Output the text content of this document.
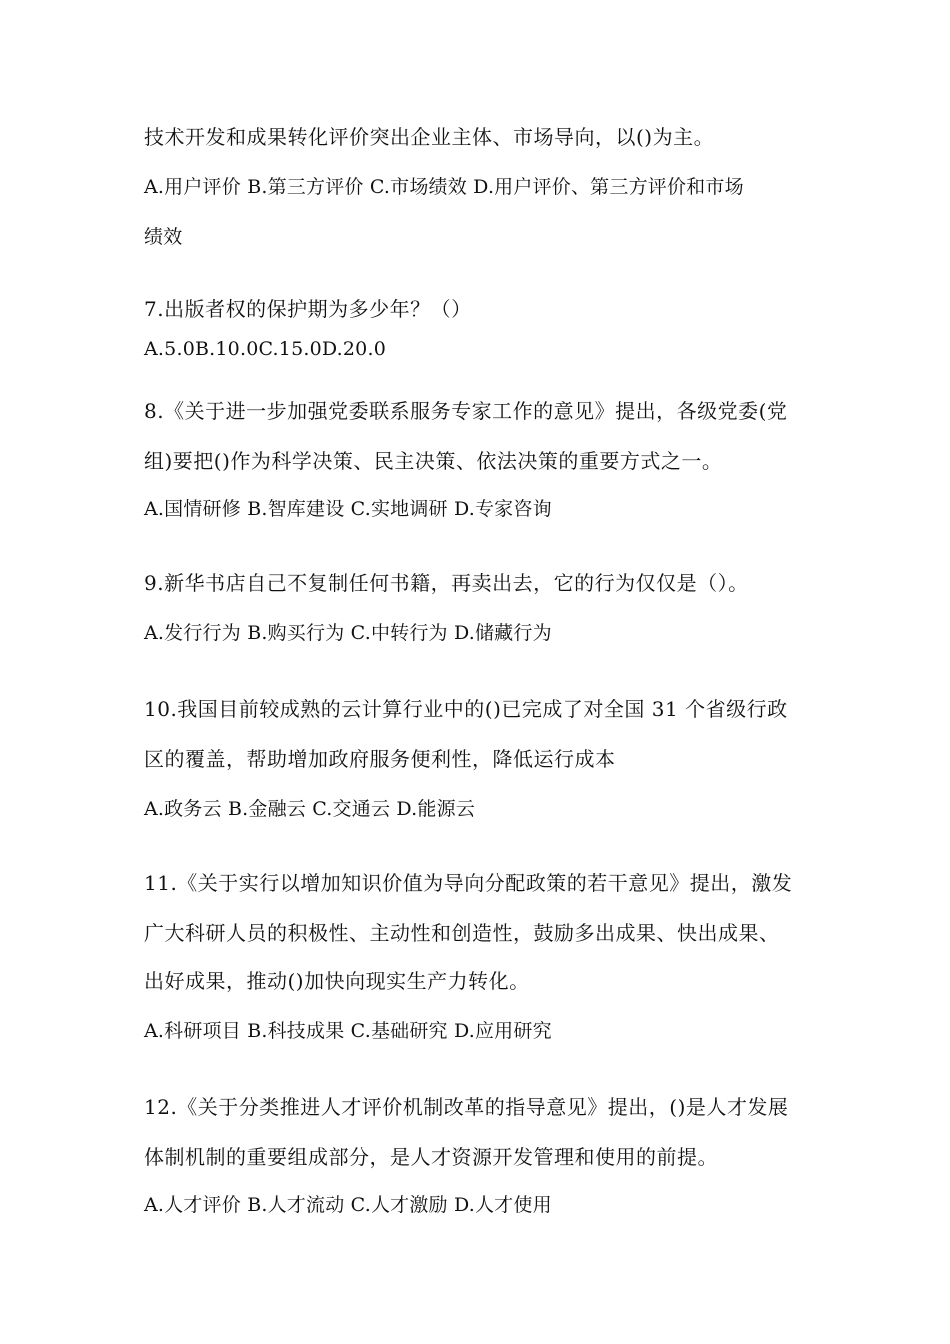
技术开发和成果转化评价突出企业主体、市场导向，以()为主。
A.用户评价 B.第三方评价 C.市场绩效 D.用户评价、第三方评价和市场
绩效
7.出版者权的保护期为多少年？（）
A.5.0B.10.0C.15.0D.20.0
8.《关于进一步加强党委联系服务专家工作的意见》提出，各级党委(党
组)要把()作为科学决策、民主决策、依法决策的重要方式之一。
A.国情研修 B.智库建设 C.实地调研 D.专家咨询
9.新华书店自己不复制任何书籍，再卖出去，它的行为仅仅是（）。
A.发行行为 B.购买行为 C.中转行为 D.储藏行为
10.我国目前较成熟的云计算行业中的()已完成了对全国 31 个省级行政
区的覆盖，帮助增加政府服务便利性，降低运行成本
A.政务云 B.金融云 C.交通云 D.能源云
11.《关于实行以增加知识价值为导向分配政策的若干意见》提出，激发
广大科研人员的积极性、主动性和创造性，鼓励多出成果、快出成果、
出好成果，推动()加快向现实生产力转化。
A.科研项目 B.科技成果 C.基础研究 D.应用研究
12.《关于分类推进人才评价机制改革的指导意见》提出，()是人才发展
体制机制的重要组成部分，是人才资源开发管理和使用的前提。
A.人才评价 B.人才流动 C.人才激励 D.人才使用
